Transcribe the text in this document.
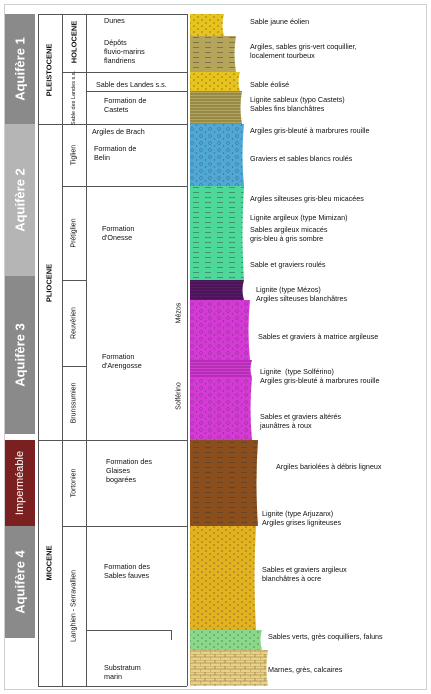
Aquifère 1
Aquifère 2
Aquifère 3
Imperméable
Aquifère 4
PLEISTOCENE
HOLOCENE
PLIOCENE
MIOCENE
Sable des Landes s.s.
Tiglien
Prétiglien
Reuvérien
Brunssumien
Tortonien
Langhien - Serravallien
Dunes
Dépôts
fluvio-marins
flandriens
Sable des Landes s.s.
Formation de
Castets
Argiles de Brach
Formation de
Belin
Formation
d'Onesse
Formation
d'Arengosse
Formation des
Glaises
bogarées
Formation des
Sables fauves
Substratum
marin
Mézos
Solférino
Sable jaune éolien
Argiles, sables gris-vert coquillier,
localement tourbeux
Sable éolisé
Lignite sableux (typo Castets)
Sables fins blanchâtres
Argiles gris-bleuté à marbrures rouille
Graviers et sables blancs roulés
Argiles silteuses gris-bleu micacées
Lignite argileux (type Mimizan)
Sables argileux micacés
gris-bleu à gris sombre
Sable et graviers roulés
Lignite (type Mézos)
Argiles silteuses blanchâtres
Sables et graviers à matrice argileuse
Lignite  (type Solférino)
Argiles gris-bleuté à marbrures rouille
Sables et graviers altérés
jaunâtres à roux
Argiles bariolées à débris ligneux
Lignite (type Arjuzanx)
Argiles grises ligniteuses
Sables et graviers argileux
blanchâtres à ocre
Sables verts, grès coquilliers, faluns
Marnes, grès, calcaires
